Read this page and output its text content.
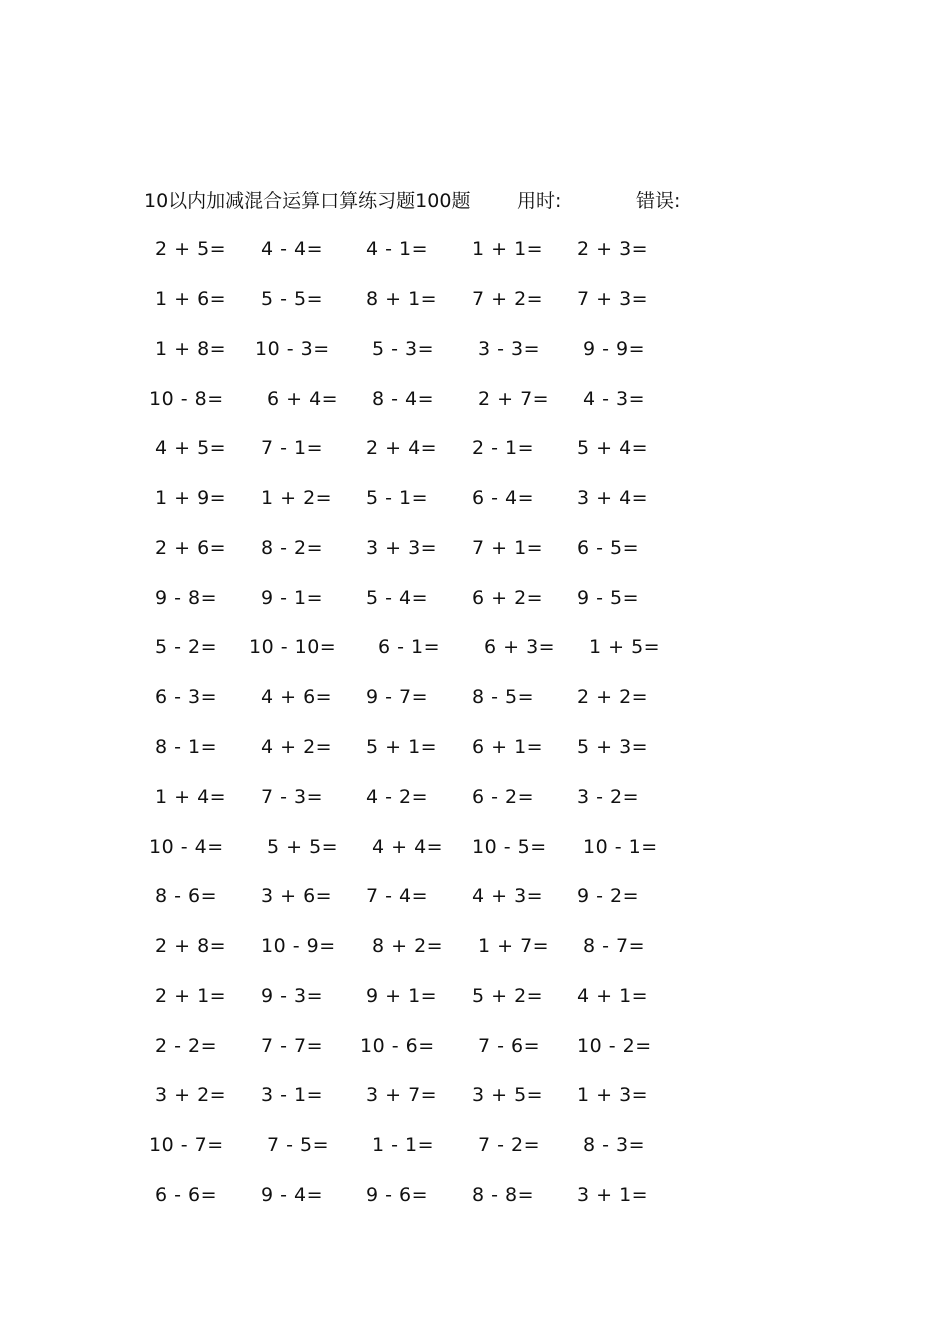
10以内加减混合运算口算练习题100题 用时:	错误:
2 + 5= 4 - 4= 4 - 1= 1 + 1= 2 + 3=
1 + 6= 5 - 5= 8 + 1= 7 + 2= 7 + 3=
1 + 8= 10 - 3= 5 - 3= 3 - 3= 9 - 9=
10 - 8= 6 + 4= 8 - 4= 2 + 7= 4 - 3=
4 + 5= 7 - 1= 2 + 4= 2 - 1= 5 + 4=
1 + 9= 1 + 2= 5 - 1= 6 - 4= 3 + 4=
2 + 6= 8 - 2= 3 + 3= 7 + 1= 6 - 5=
9 - 8= 9 - 1= 5 - 4= 6 + 2= 9 - 5=
5 - 2= 10 - 10= 6 - 1= 6 + 3= 1 + 5=
6 - 3= 4 + 6= 9 - 7= 8 - 5= 2 + 2=
8 - 1= 4 + 2= 5 + 1= 6 + 1= 5 + 3=
1 + 4= 7 - 3= 4 - 2= 6 - 2= 3 - 2=
10 - 4= 5 + 5= 4 + 4= 10 - 5= 10 - 1=
8 - 6= 3 + 6= 7 - 4= 4 + 3= 9 - 2=
2 + 8= 10 - 9= 8 + 2= 1 + 7= 8 - 7=
2 + 1= 9 - 3= 9 + 1= 5 + 2= 4 + 1=
2 - 2= 7 - 7= 10 - 6= 7 - 6= 10 - 2=
3 + 2= 3 - 1= 3 + 7= 3 + 5= 1 + 3=
10 - 7= 7 - 5= 1 - 1= 7 - 2= 8 - 3=
6 - 6= 9 - 4= 9 - 6= 8 - 8= 3 + 1=
